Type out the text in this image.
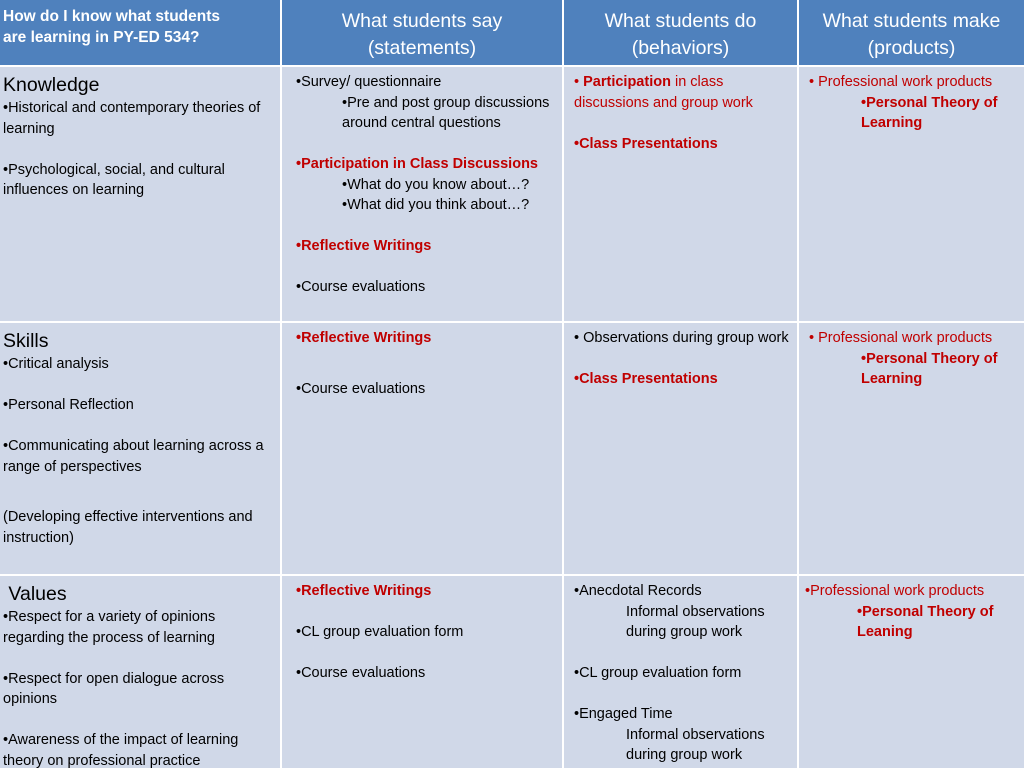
How do I know what students
are learning in PY-ED 534?
What students say
(statements)
What students do
(behaviors)
What students make
(products)
Knowledge
•Historical and contemporary theories of learning
•Psychological, social, and cultural influences on learning
•Survey/ questionnaire
•Pre and post group discussions around central questions
•Participation in Class Discussions
•What do you know about…?
•What did you think about…?
•Reflective Writings
•Course evaluations
• Participation in class discussions and group work
•Class Presentations
• Professional work products
•Personal Theory of Learning
Skills
•Critical analysis
•Personal Reflection
•Communicating about learning across a range of perspectives
(Developing effective interventions and instruction)
•Reflective Writings
•Course evaluations
• Observations during group work
•Class Presentations
• Professional work products
•Personal Theory of Learning
Values
•Respect for a variety of opinions regarding the process of learning
•Respect for open dialogue across opinions
•Awareness of the impact of learning theory on professional practice
•Reflective Writings
•CL group evaluation form
•Course evaluations
•Anecdotal Records
Informal observations during group work
•CL group evaluation form
•Engaged Time
Informal observations during group work
•Professional work products
•Personal Theory of Leaning
